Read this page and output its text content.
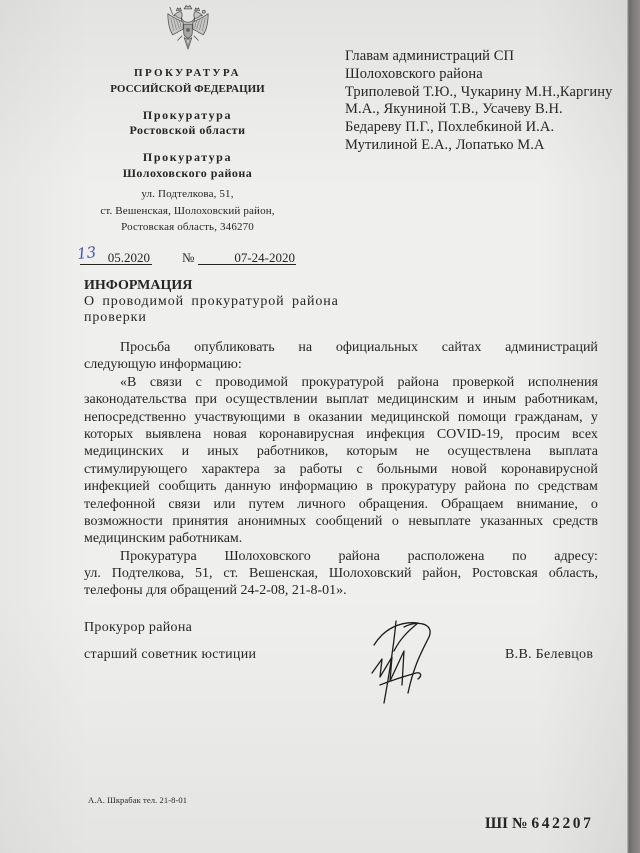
ПРОКУРАТУРА
РОССИЙСКОЙ ФЕДЕРАЦИИ
Прокуратура
Ростовской области
Прокуратура
Шолоховского района
ул. Подтелкова, 51,
ст. Вешенская, Шолоховский район,
Ростовская область, 346270
05.2020
13	№	07-24-2020
Главам администраций СП
Шолоховского района
Триполевой Т.Ю., Чукарину М.Н.,Каргину
М.А., Якуниной Т.В., Усачеву В.Н.
Бедареву П.Г., Похлебкиной И.А.
Мутилиной Е.А., Лопатько М.А
ИНФОРМАЦИЯ
О проводимой прокуратурой района
проверки
Просьба опубликовать на официальных сайтах администраций
следующую информацию:
«В связи с проводимой прокуратурой района проверкой исполнения
законодательства при осуществлении выплат медицинским и иным работникам,
непосредственно участвующими в оказании медицинской помощи гражданам, у
которых выявлена новая коронавирусная инфекция COVID-19, просим всех
медицинских и иных работников, которым не осуществлена выплата
стимулирующего характера за работы с больными новой коронавирусной
инфекцией сообщить данную информацию в прокуратуру района по средствам
телефонной связи или путем личного обращения. Обращаем внимание, о
возможности принятия анонимных сообщений о невыплате указанных средств
медицинским работникам.
Прокуратура Шолоховского района расположена по адресу:
ул. Подтелкова, 51, ст. Вешенская, Шолоховский район, Ростовская область,
телефоны для обращений 24-2-08, 21-8-01».
Прокурор района
старший советник юстиции	В.В. Белевцов
А.А. Шкрабак тел. 21-8-01
ШI № 642207
